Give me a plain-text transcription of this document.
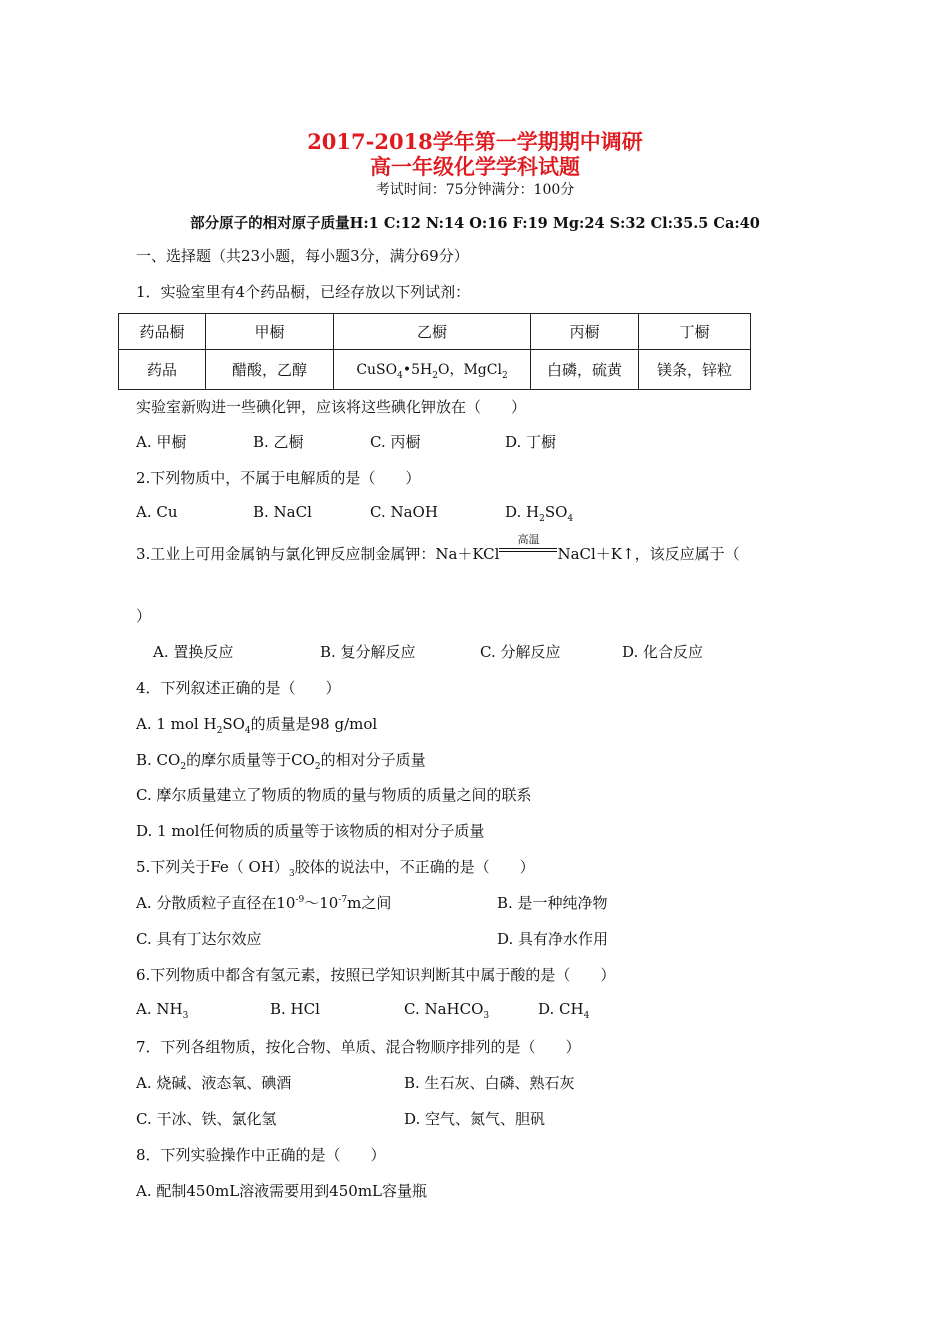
2017-2018学年第一学期期中调研
高一年级化学学科试题
考试时间：75分钟满分：100分
部分原子的相对原子质量H:1 C:12 N:14 O:16 F:19 Mg:24 S:32 Cl:35.5 Ca:40
一、选择题（共23小题，每小题3分，满分69分）
1．实验室里有4个药品橱，已经存放以下列试剂：
药品橱	甲橱	乙橱	丙橱	丁橱
药品	醋酸，乙醇	$CuSO_4•5H_2O$，MgCl$_2$	白磷，硫黄	镁条，锌粒
实验室新购进一些碘化钾，应该将这些碘化钾放在（　　）
A. 甲橱	B. 乙橱	C. 丙橱	D. 丁橱
2.下列物质中，不属于电解质的是（　　）
A. Cu	B. NaCl	C. NaOH	D. $H_2SO_4$
3.工业上可用金属钠与氯化钾反应制金属钾：Na＋KCl
高温
NaCl＋K↑，该反应属于（
）
A. 置换反应	B. 复分解反应	C. 分解反应	D. 化合反应
4．下列叙述正确的是（　　）
A. 1 mol $H_2SO_4$的质量是98 g/mol
B. $CO_2$的摩尔质量等于$CO_2$的相对分子质量
C. 摩尔质量建立了物质的物质的量与物质的质量之间的联系
D. 1 mol任何物质的质量等于该物质的相对分子质量
5.下列关于Fe（ $OH)_3$胶体的说法中，不正确的是（　　）
A. 分散质粒子直径在$10^{-9}\sim 10^{-7}m$之间	B. 是一种纯净物
C. 具有丁达尔效应	D. 具有净水作用
6.下列物质中都含有氢元素，按照已学知识判断其中属于酸的是（　　）
A. $NH_3$	B. HCl	C. NaHCO$_3$	D. $CH_4$
7．下列各组物质，按化合物、单质、混合物顺序排列的是（　　）
A. 烧碱、液态氧、碘酒	B. 生石灰、白磷、熟石灰
C. 干冰、铁、氯化氢	D. 空气、氮气、胆矾
8．下列实验操作中正确的是（　　）
A. 配制450mL溶液需要用到450mL容量瓶
